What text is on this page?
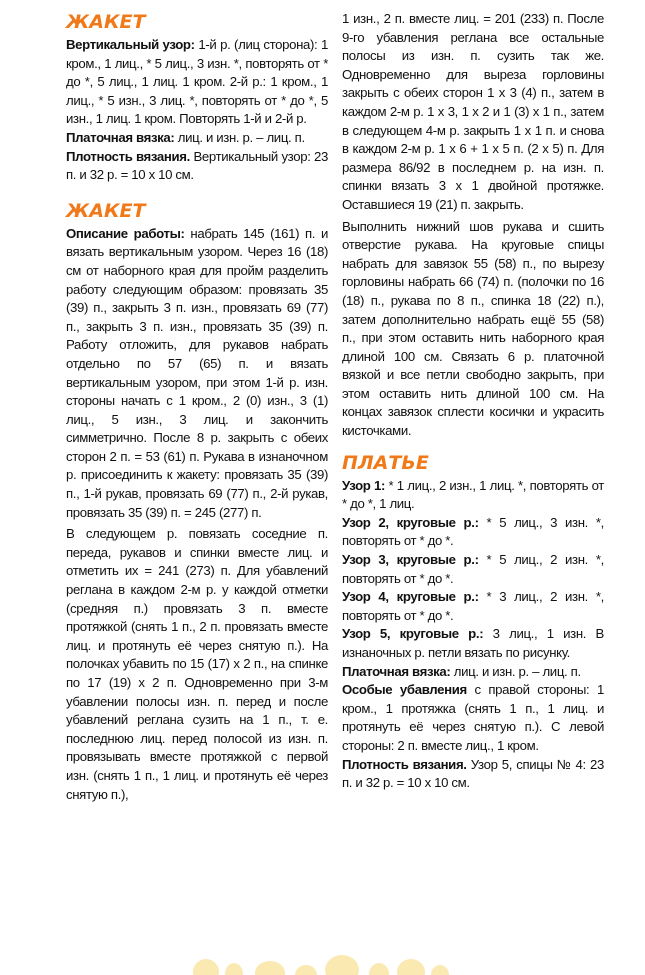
ЖАКЕТ

Вертикальный узор: 1-й р. (лиц сторона): 1 кром., 1 лиц., * 5 лиц., 3 изн. *, повторять от * до *, 5 лиц., 1 лиц. 1 кром. 2-й р.: 1 кром., 1 лиц., * 5 изн., 3 лиц. *, повторять от * до *, 5 изн., 1 лиц. 1 кром. Повторять 1-й и 2-й р.

Платочная вязка: лиц. и изн. р. – лиц. п.

Плотность вязания. Вертикальный узор: 23 п. и 32 р. = 10 х 10 см.

ЖАКЕТ

Описание работы: набрать 145 (161) п. и вязать вертикальным узором. Через 16 (18) см от наборного края для пройм разделить работу следующим образом: провязать 35 (39) п., закрыть 3 п. изн., провязать 69 (77) п., закрыть 3 п. изн., провязать 35 (39) п. Работу отложить, для рукавов набрать отдельно по 57 (65) п. и вязать вертикальным узором, при этом 1-й р. изн. стороны начать с 1 кром., 2 (0) изн., 3 (1) лиц., 5 изн., 3 лиц. и закончить симметрично. После 8 р. закрыть с обеих сторон 2 п. = 53 (61) п. Рукава в изнаночном р. присоединить к жакету: провязать 35 (39) п., 1-й рукав, провязать 69 (77) п., 2-й рукав, провязать 35 (39) п. = 245 (277) п.

В следующем р. повязать соседние п. переда, рукавов и спинки вместе лиц. и отметить их = 241 (273) п. Для убавлений реглана в каждом 2-м р. у каждой отметки (средняя п.) провязать 3 п. вместе протяжкой (снять 1 п., 2 п. провязать вместе лиц. и протянуть её через снятую п.). На полочках убавить по 15 (17) х 2 п., на спинке по 17 (19) х 2 п. Одновременно при 3-м убавлении полосы изн. п. перед и после убавлений реглана сузить на 1 п., т. е. последнюю лиц. перед полосой из изн. п. провязывать вместе протяжкой с первой изн. (снять 1 п., 1 лиц. и протянуть её через снятую п.),

1 изн., 2 п. вместе лиц. = 201 (233) п. После 9-го убавления реглана все остальные полосы из изн. п. сузить так же. Одновременно для выреза горловины закрыть с обеих сторон 1 х 3 (4) п., затем в каждом 2-м р. 1 х 3, 1 х 2 и 1 (3) х 1 п., затем в следующем 4-м р. закрыть 1 х 1 п. и снова в каждом 2-м р. 1 х 6 + 1 х 5 п. (2 х 5) п. Для размера 86/92 в последнем р. на изн. п. спинки вязать 3 х 1 двойной протяжке. Оставшиеся 19 (21) п. закрыть.

Выполнить нижний шов рукава и сшить отверстие рукава. На круговые спицы набрать для завязок 55 (58) п., по вырезу горловины набрать 66 (74) п. (полочки по 16 (18) п., рукава по 8 п., спинка 18 (22) п.), затем дополнительно набрать ещё 55 (58) п., при этом оставить нить наборного края длиной 100 см. Связать 6 р. платочной вязкой и все петли свободно закрыть, при этом оставить нить длиной 100 см. На концах завязок сплести косички и украсить кисточками.

ПЛАТЬЕ

Узор 1: * 1 лиц., 2 изн., 1 лиц. *, повторять от * до *, 1 лиц.

Узор 2, круговые р.: * 5 лиц., 3 изн. *, повторять от * до *.

Узор 3, круговые р.: * 5 лиц., 2 изн. *, повторять от * до *.

Узор 4, круговые р.: * 3 лиц., 2 изн. *, повторять от * до *.

Узор 5, круговые р.: 3 лиц., 1 изн. В изнаночных р. петли вязать по рисунку.

Платочная вязка: лиц. и изн. р. – лиц. п.

Особые убавления с правой стороны: 1 кром., 1 протяжка (снять 1 п., 1 лиц. и протянуть её через снятую п.). С левой стороны: 2 п. вместе лиц., 1 кром.

Плотность вязания. Узор 5, спицы № 4: 23 п. и 32 р. = 10 х 10 см.
